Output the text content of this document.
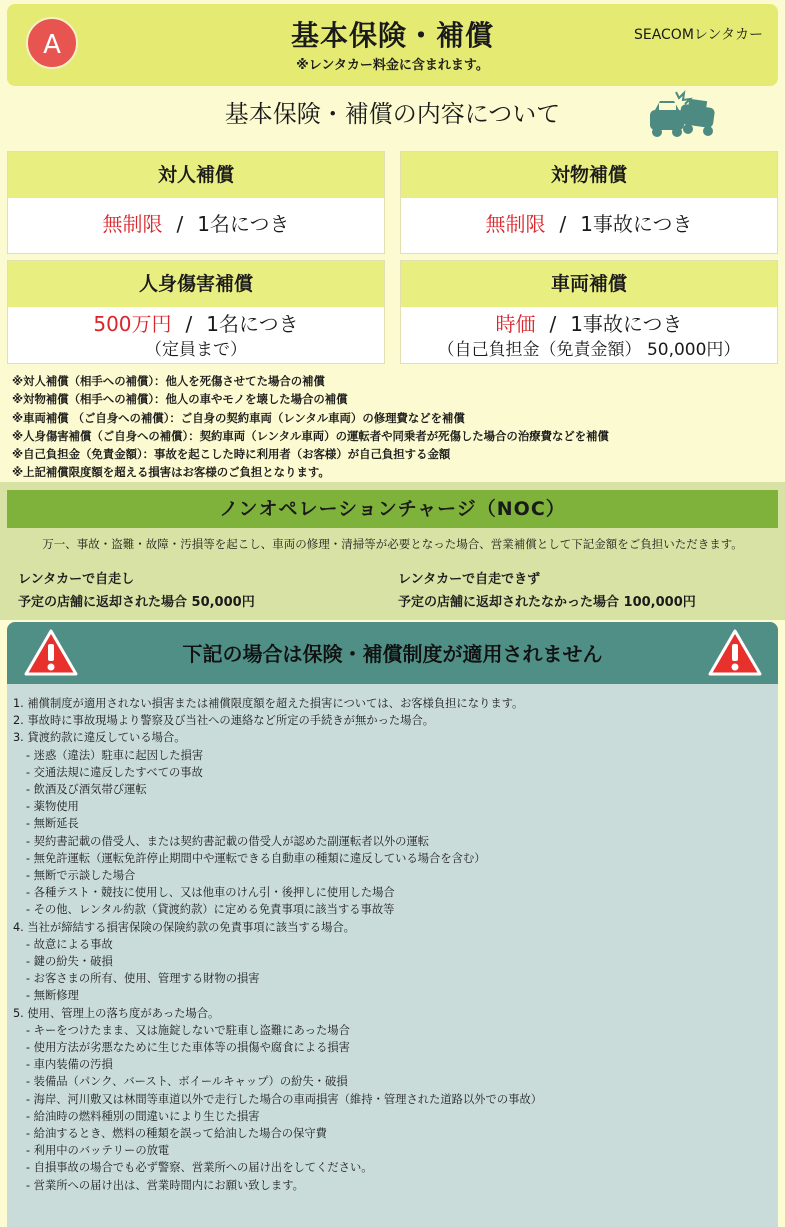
A	基本保険・補償
※レンタカー料金に含まれます。
SEACOMレンタカー
基本保険・補償の内容について
対人補償
無制限 / 1名につき
対物補償
無制限 / 1事故につき
人身傷害補償
500万円 / 1名につき
（定員まで）
車両補償
時価 / 1事故につき
（自己負担金（免責金額） 50,000円）
※対人補償（相手への補償）：他人を死傷させてた場合の補償
※対物補償（相手への補償）：他人の車やモノを壊した場合の補償
※車両補償 （ご自身への補償）：ご自身の契約車両（レンタル車両）の修理費などを補償
※人身傷害補償（ご自身への補償）：契約車両（レンタル車両）の運転者や同乗者が死傷した場合の治療費などを補償
※自己負担金（免責金額）：事故を起こした時に利用者（お客様）が自己負担する金額
※上記補償限度額を超える損害はお客様のご負担となります。
ノンオペレーションチャージ（NOC）
万一、事故・盗難・故障・汚損等を起こし、車両の修理・清掃等が必要となった場合、営業補償として下記金額をご負担いただきます。
レンタカーで自走し
予定の店舗に返却された場合 50,000円
レンタカーで自走できず
予定の店舗に返却されたなかった場合 100,000円
下記の場合は保険・補償制度が適用されません
1. 補償制度が適用されない損害または補償限度額を超えた損害については、お客様負担になります。
2. 事故時に事故現場より警察及び当社への連絡など所定の手続きが無かった場合。
3. 貸渡約款に違反している場合。
- 迷惑（違法）駐車に起因した損害
- 交通法規に違反したすべての事故
- 飲酒及び酒気帯び運転
- 薬物使用
- 無断延長
- 契約書記載の借受人、または契約書記載の借受人が認めた副運転者以外の運転
- 無免許運転（運転免許停止期間中や運転できる自動車の種類に違反している場合を含む）
- 無断で示談した場合
- 各種テスト・競技に使用し、又は他車のけん引・後押しに使用した場合
- その他、レンタル約款（貸渡約款）に定める免責事項に該当する事故等
4. 当社が締結する損害保険の保険約款の免責事項に該当する場合。
- 故意による事故
- 鍵の紛失・破損
- お客さまの所有、使用、管理する財物の損害
- 無断修理
5. 使用、管理上の落ち度があった場合。
- キーをつけたまま、又は施錠しないで駐車し盗難にあった場合
- 使用方法が劣悪なために生じた車体等の損傷や腐食による損害
- 車内装備の汚損
- 装備品（パンク、バースト、ボイールキャップ）の紛失・破損
- 海岸、河川敷又は林間等車道以外で走行した場合の車両損害（維持・管理された道路以外での事故）
- 給油時の燃料種別の間違いにより生じた損害
- 給油するとき、燃料の種類を誤って給油した場合の保守費
- 利用中のバッテリーの放電
- 自損事故の場合でも必ず警察、営業所への届け出をしてください。
- 営業所への届け出は、営業時間内にお願い致します。
